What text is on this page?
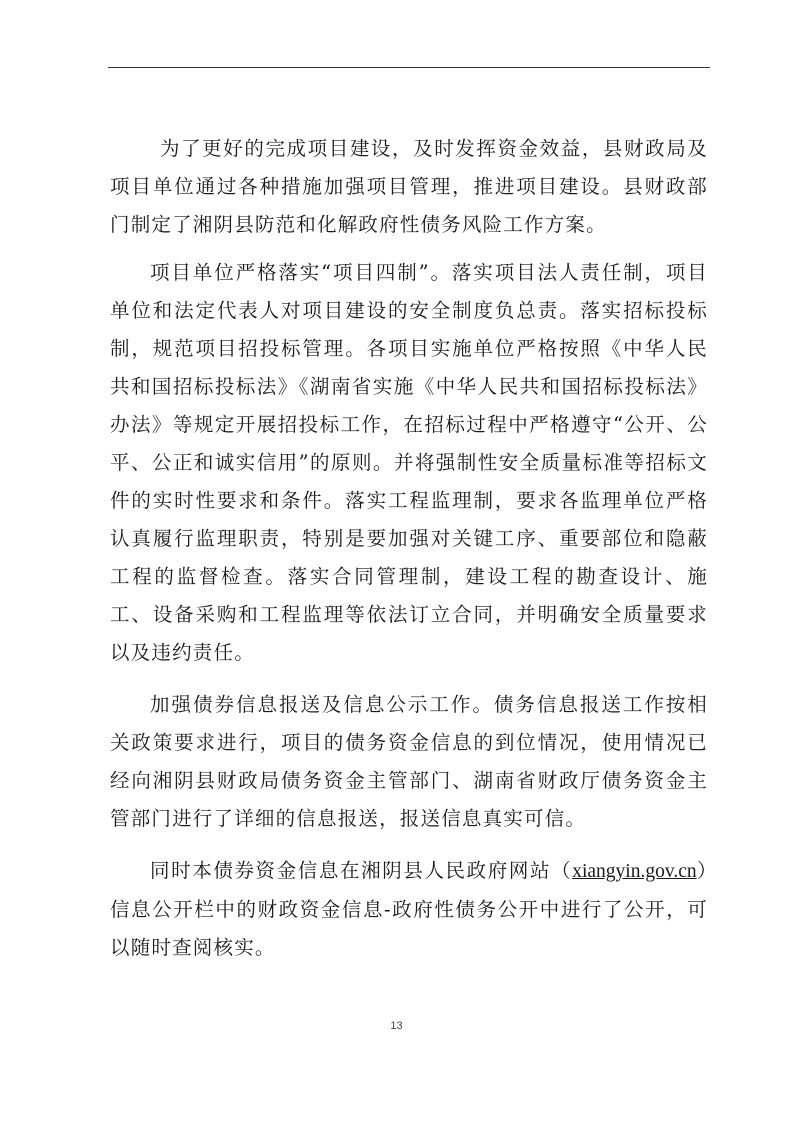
为了更好的完成项目建设，及时发挥资金效益，县财政局及项目单位通过各种措施加强项目管理，推进项目建设。县财政部门制定了湘阴县防范和化解政府性债务风险工作方案。

项目单位严格落实“项目四制”。落实项目法人责任制，项目单位和法定代表人对项目建设的安全制度负总责。落实招标投标制，规范项目招投标管理。各项目实施单位严格按照《中华人民共和国招标投标法》《湖南省实施《中华人民共和国招标投标法》办法》等规定开展招投标工作，在招标过程中严格遵守“公开、公平、公正和诚实信用”的原则。并将强制性安全质量标准等招标文件的实时性要求和条件。落实工程监理制，要求各监理单位严格认真履行监理职责，特别是要加强对关键工序、重要部位和隐蔽工程的监督检查。落实合同管理制，建设工程的勘查设计、施工、设备采购和工程监理等依法订立合同，并明确安全质量要求以及违约责任。

加强债券信息报送及信息公示工作。债务信息报送工作按相关政策要求进行，项目的债务资金信息的到位情况，使用情况已经向湘阴县财政局债务资金主管部门、湖南省财政厅债务资金主管部门进行了详细的信息报送，报送信息真实可信。

同时本债券资金信息在湘阴县人民政府网站（xiangyin.gov.cn）信息公开栏中的财政资金信息-政府性债务公开中进行了公开，可以随时查阅核实。

13
